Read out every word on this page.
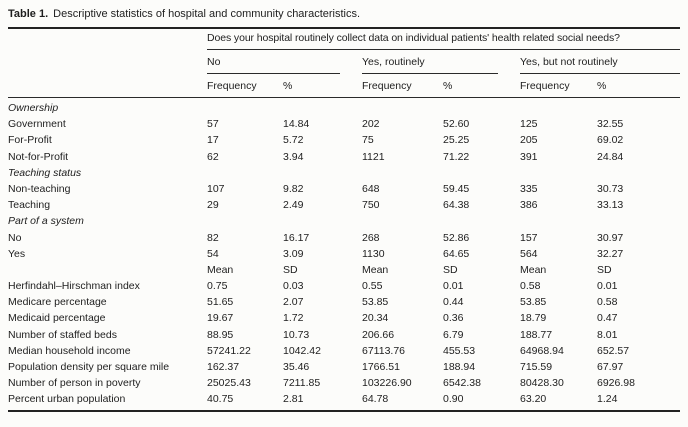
Table 1. Descriptive statistics of hospital and community characteristics.

	Does your hospital routinely collect data on individual patients' health related social needs?					

	No		Yes, routinely		Yes, but not routinely	

	Frequency	%	Frequency	%	Frequency	%
Ownership						
Government	57	14.84	202	52.60	125	32.55
For-Profit	17	5.72	75	25.25	205	69.02
Not-for-Profit	62	3.94	1121	71.22	391	24.84
Teaching status						
Non-teaching	107	9.82	648	59.45	335	30.73
Teaching	29	2.49	750	64.38	386	33.13
Part of a system						
No	82	16.17	268	52.86	157	30.97
Yes	54	3.09	1130	64.65	564	32.27
	Mean	SD	Mean	SD	Mean	SD
Herfindahl–Hirschman index	0.75	0.03	0.55	0.01	0.58	0.01
Medicare percentage	51.65	2.07	53.85	0.44	53.85	0.58
Medicaid percentage	19.67	1.72	20.34	0.36	18.79	0.47
Number of staffed beds	88.95	10.73	206.66	6.79	188.77	8.01
Median household income	57241.22	1042.42	67113.76	455.53	64968.94	652.57
Population density per square mile	162.37	35.46	1766.51	188.94	715.59	67.97
Number of person in poverty	25025.43	7211.85	103226.90	6542.38	80428.30	6926.98
Percent urban population	40.75	2.81	64.78	0.90	63.20	1.24
